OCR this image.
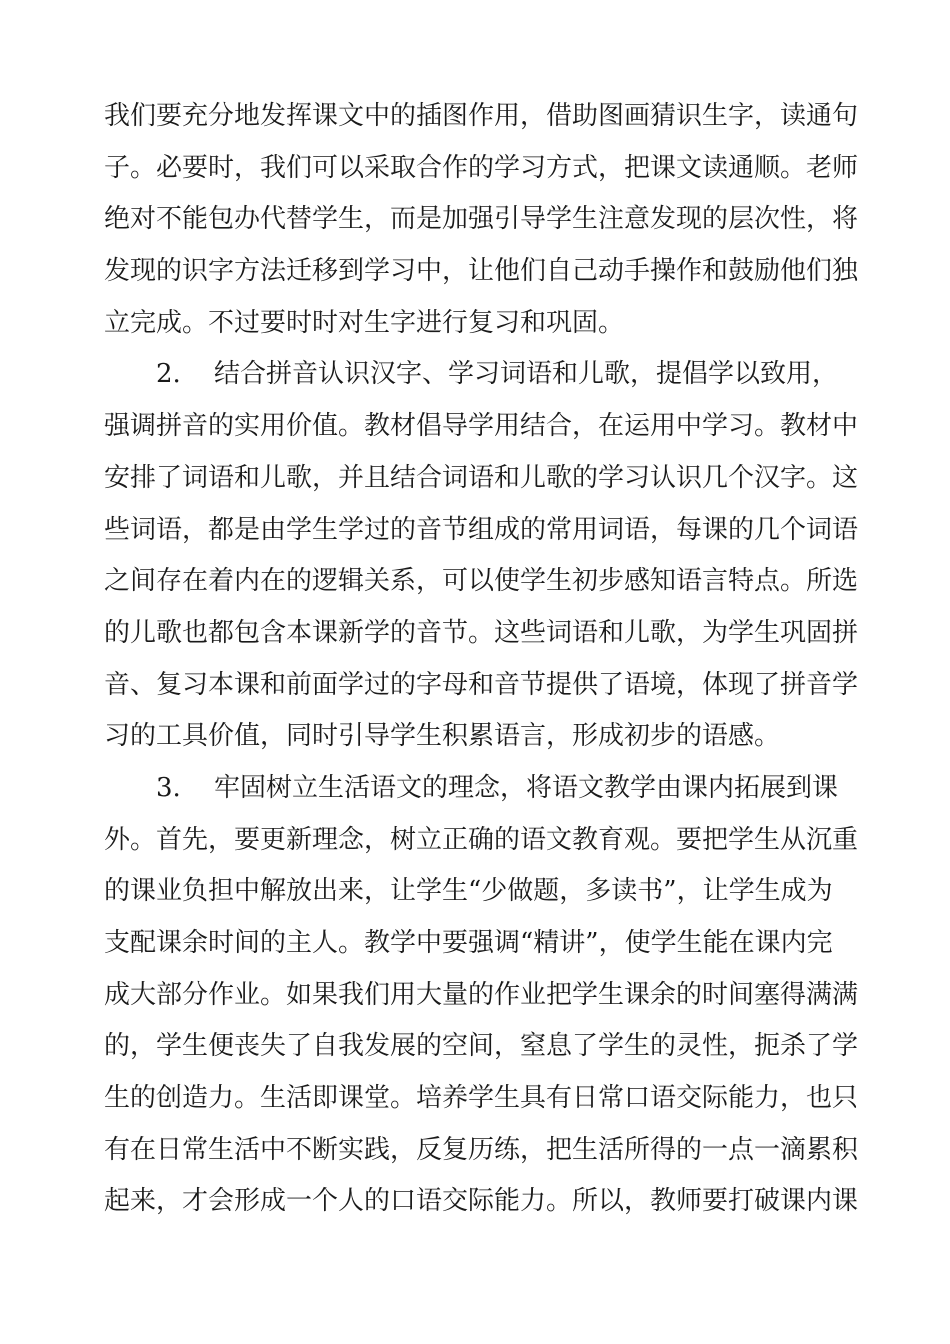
我们要充分地发挥课文中的插图作用，借助图画猜识生字，读通句
子。必要时，我们可以采取合作的学习方式，把课文读通顺。老师
绝对不能包办代替学生，而是加强引导学生注意发现的层次性，将
发现的识字方法迁移到学习中，让他们自己动手操作和鼓励他们独
立完成。不过要时时对生字进行复习和巩固。
2. 结合拼音认识汉字、学习词语和儿歌，提倡学以致用，
强调拼音的实用价值。教材倡导学用结合，在运用中学习。教材中
安排了词语和儿歌，并且结合词语和儿歌的学习认识几个汉字。这
些词语，都是由学生学过的音节组成的常用词语，每课的几个词语
之间存在着内在的逻辑关系，可以使学生初步感知语言特点。所选
的儿歌也都包含本课新学的音节。这些词语和儿歌，为学生巩固拼
音、复习本课和前面学过的字母和音节提供了语境，体现了拼音学
习的工具价值，同时引导学生积累语言，形成初步的语感。
3. 牢固树立生活语文的理念，将语文教学由课内拓展到课
外。首先，要更新理念，树立正确的语文教育观。要把学生从沉重
的课业负担中解放出来，让学生“少做题，多读书”，让学生成为
支配课余时间的主人。教学中要强调“精讲”，使学生能在课内完
成大部分作业。如果我们用大量的作业把学生课余的时间塞得满满
的，学生便丧失了自我发展的空间，窒息了学生的灵性，扼杀了学
生的创造力。生活即课堂。培养学生具有日常口语交际能力，也只
有在日常生活中不断实践，反复历练，把生活所得的一点一滴累积
起来，才会形成一个人的口语交际能力。所以，教师要打破课内课
